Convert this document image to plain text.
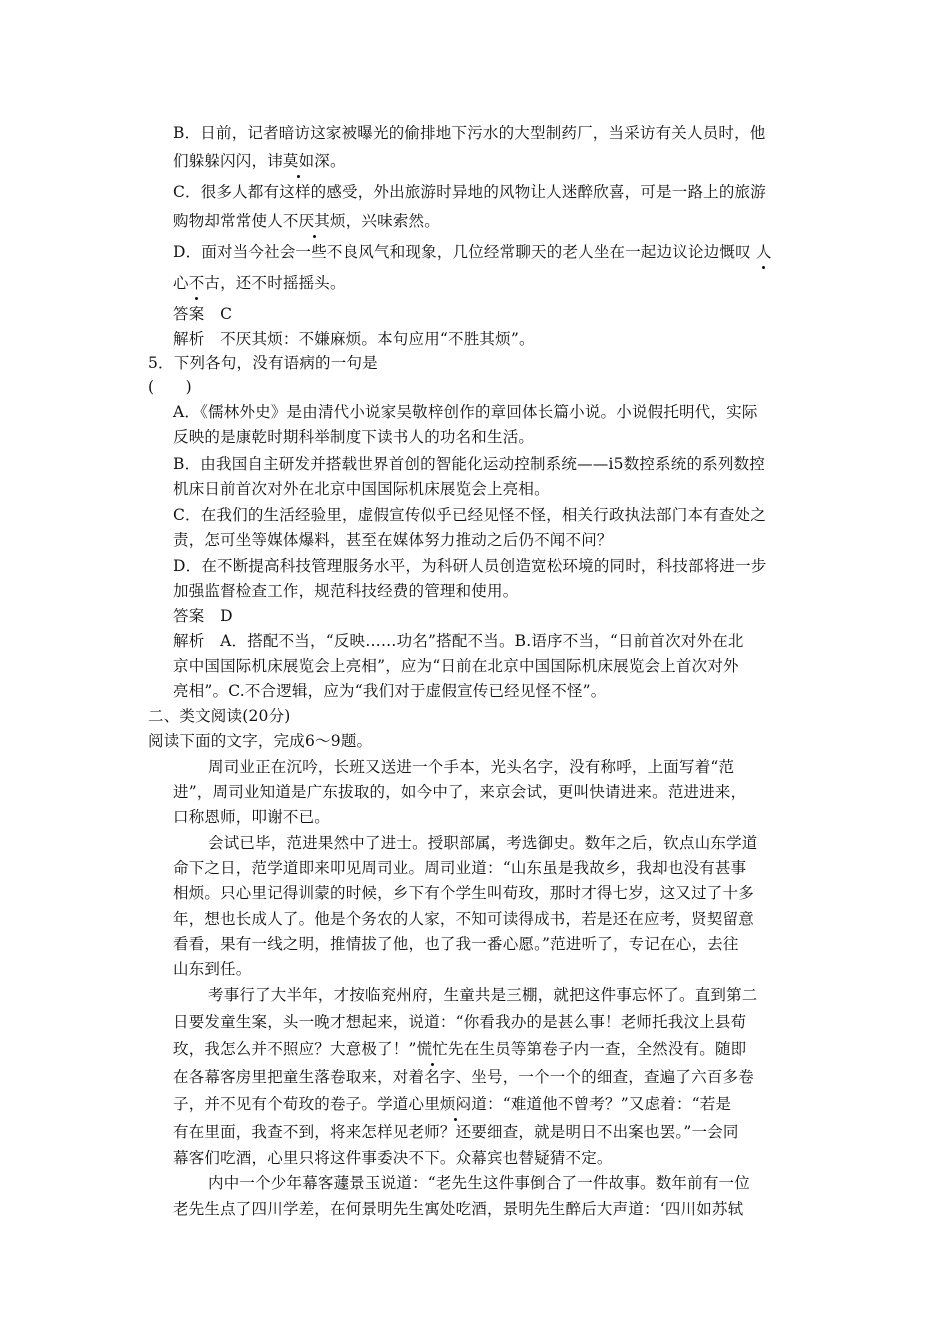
B．日前，记者暗访这家被曝光的偷排地下污水的大型制药厂，当采访有关人员时，他
们躲躲闪闪，讳莫如深。
C．很多人都有这样的感受，外出旅游时异地的风物让人迷醉欣喜，可是一路上的旅游
购物却常常使人不厌其烦，兴味索然。
D．面对当今社会一些不良风气和现象，几位经常聊天的老人坐在一起边议论边慨叹 人
心不古，还不时摇摇头。
答案　C
解析　不厌其烦：不嫌麻烦。本句应用“不胜其烦”。
5．下列各句，没有语病的一句是
(　　)
A．《儒林外史》是由清代小说家吴敬梓创作的章回体长篇小说。小说假托明代，实际
反映的是康乾时期科举制度下读书人的功名和生活。
B．由我国自主研发并搭载世界首创的智能化运动控制系统——i5数控系统的系列数控
机床日前首次对外在北京中国国际机床展览会上亮相。
C．在我们的生活经验里，虚假宣传似乎已经见怪不怪，相关行政执法部门本有查处之
责，怎可坐等媒体爆料，甚至在媒体努力推动之后仍不闻不问？
D．在不断提高科技管理服务水平，为科研人员创造宽松环境的同时，科技部将进一步
加强监督检查工作，规范科技经费的管理和使用。
答案　D
解析　A．搭配不当，“反映……功名”搭配不当。B.语序不当，“日前首次对外在北
京中国国际机床展览会上亮相”，应为“日前在北京中国国际机床展览会上首次对外
亮相”。C.不合逻辑，应为“我们对于虚假宣传已经见怪不怪”。
二、类文阅读(20分)
阅读下面的文字，完成6～9题。
周司业正在沉吟，长班又送进一个手本，光头名字，没有称呼，上面写着“范
进”，周司业知道是广东拔取的，如今中了，来京会试，更叫快请进来。范进进来，
口称恩师，叩谢不已。
会试已毕，范进果然中了进士。授职部属，考选御史。数年之后，钦点山东学道
命下之日，范学道即来叩见周司业。周司业道：“山东虽是我故乡，我却也没有甚事
相烦。只心里记得训蒙的时候，乡下有个学生叫荀玫，那时才得七岁，这又过了十多
年，想也长成人了。他是个务农的人家，不知可读得成书，若是还在应考，贤契留意
看看，果有一线之明，推情拔了他，也了我一番心愿。”范进听了，专记在心，去往
山东到任。
考事行了大半年，才按临兖州府，生童共是三棚，就把这件事忘怀了。直到第二
日要发童生案，头一晚才想起来，说道：“你看我办的是甚么事！老师托我汶上县荀
玫，我怎么并不照应？大意极了！”慌忙先在生员等第卷子内一查，全然没有。随即
在各幕客房里把童生落卷取来，对着名字、坐号，一个一个的细查，查遍了六百多卷
子，并不见有个荀玫的卷子。学道心里烦闷道：“难道他不曾考？”又虑着：“若是
有在里面，我查不到，将来怎样见老师？还要细查，就是明日不出案也罢。”一会同
幕客们吃酒，心里只将这件事委决不下。众幕宾也替疑猜不定。
内中一个少年幕客蘧景玉说道：“老先生这件事倒合了一件故事。数年前有一位
老先生点了四川学差，在何景明先生寓处吃酒，景明先生醉后大声道：‘四川如苏轼
